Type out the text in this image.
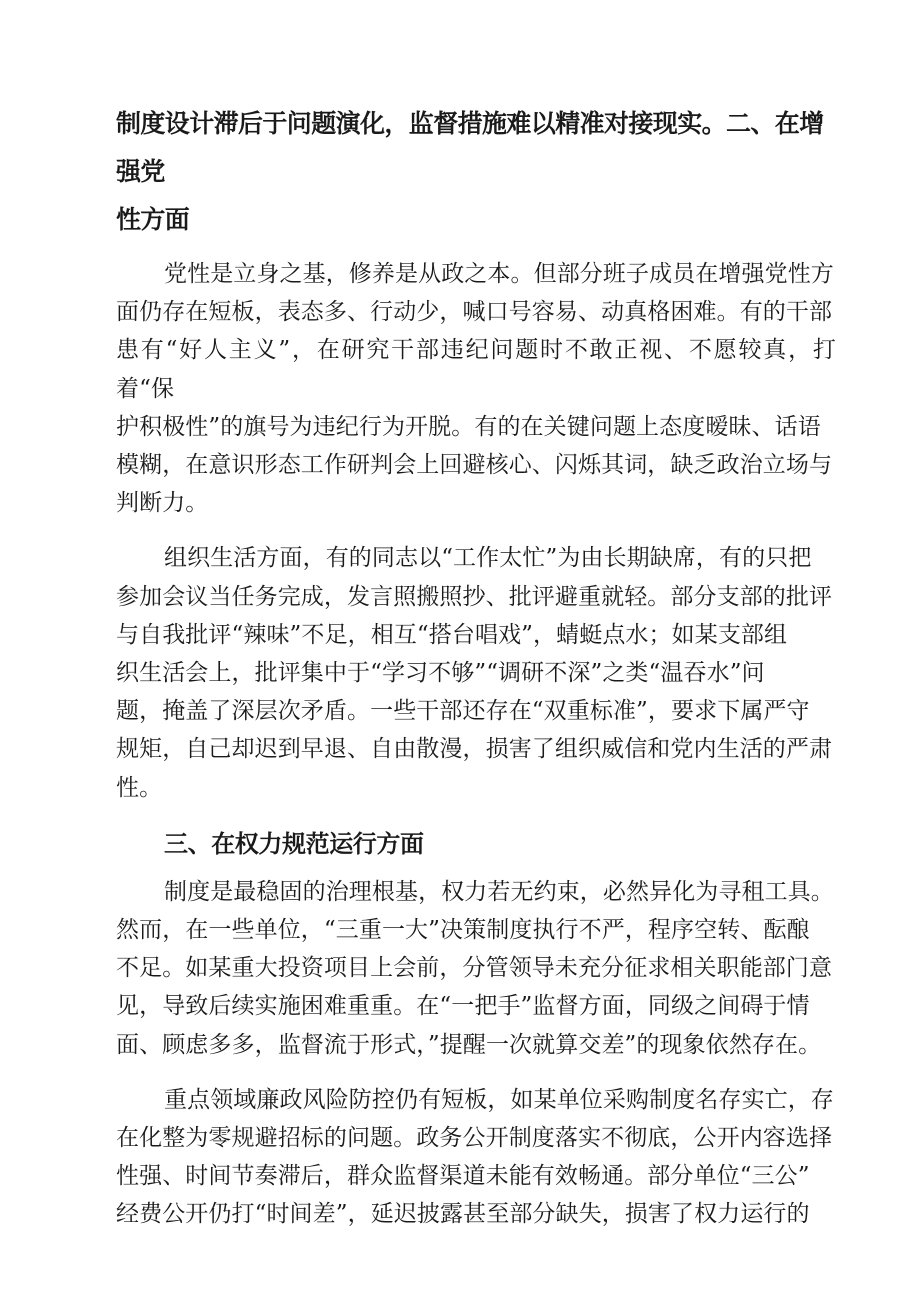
制度设计滞后于问题演化，监督措施难以精准对接现实。二、在增强党

性方面

党性是立身之基，修养是从政之本。但部分班子成员在增强党性方
面仍存在短板，表态多、行动少，喊口号容易、动真格困难。有的干部
患有“好人主义”，在研究干部违纪问题时不敢正视、不愿较真，打着“保
护积极性”的旗号为违纪行为开脱。有的在关键问题上态度暧昧、话语
模糊，在意识形态工作研判会上回避核心、闪烁其词，缺乏政治立场与
判断力。

组织生活方面，有的同志以“工作太忙”为由长期缺席，有的只把
参加会议当任务完成，发言照搬照抄、批评避重就轻。部分支部的批评
与自我批评“辣味”不足，相互“搭台唱戏”，蜻蜓点水；如某支部组
织生活会上，批评集中于“学习不够”“调研不深”之类“温吞水”问
题，掩盖了深层次矛盾。一些干部还存在“双重标准”，要求下属严守
规矩，自己却迟到早退、自由散漫，损害了组织威信和党内生活的严肃
性。

三、在权力规范运行方面

制度是最稳固的治理根基，权力若无约束，必然异化为寻租工具。
然而，在一些单位，“三重一大”决策制度执行不严，程序空转、酝酿
不足。如某重大投资项目上会前，分管领导未充分征求相关职能部门意
见，导致后续实施困难重重。在“一把手”监督方面，同级之间碍于情
面、顾虑多多，监督流于形式，”提醒一次就算交差”的现象依然存在。

重点领域廉政风险防控仍有短板，如某单位采购制度名存实亡，存
在化整为零规避招标的问题。政务公开制度落实不彻底，公开内容选择
性强、时间节奏滞后，群众监督渠道未能有效畅通。部分单位“三公”
经费公开仍打“时间差”，延迟披露甚至部分缺失，损害了权力运行的
